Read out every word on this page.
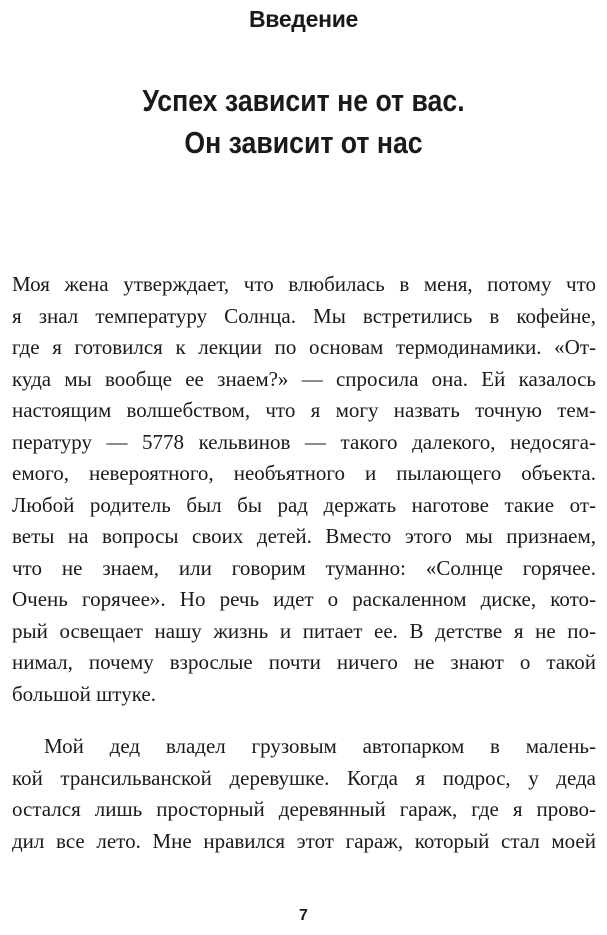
Введение
Успех зависит не от вас.
Он зависит от нас
Моя жена утверждает, что влюбилась в меня, потому что
я знал температуру Солнца. Мы встретились в кофейне,
где я готовился к лекции по основам термодинамики. «От-
куда мы вообще ее знаем?» — спросила она. Ей казалось
настоящим волшебством, что я могу назвать точную тем-
пературу — 5778 кельвинов — такого далекого, недосяга-
емого, невероятного, необъятного и пылающего объекта.
Любой родитель был бы рад держать наготове такие от-
веты на вопросы своих детей. Вместо этого мы признаем,
что не знаем, или говорим туманно: «Солнце горячее.
Очень горячее». Но речь идет о раскаленном диске, кото-
рый освещает нашу жизнь и питает ее. В детстве я не по-
нимал, почему взрослые почти ничего не знают о такой
большой штуке.
Мой дед владел грузовым автопарком в малень-
кой трансильванской деревушке. Когда я подрос, у деда
остался лишь просторный деревянный гараж, где я прово-
дил все лето. Мне нравился этот гараж, который стал моей
7
